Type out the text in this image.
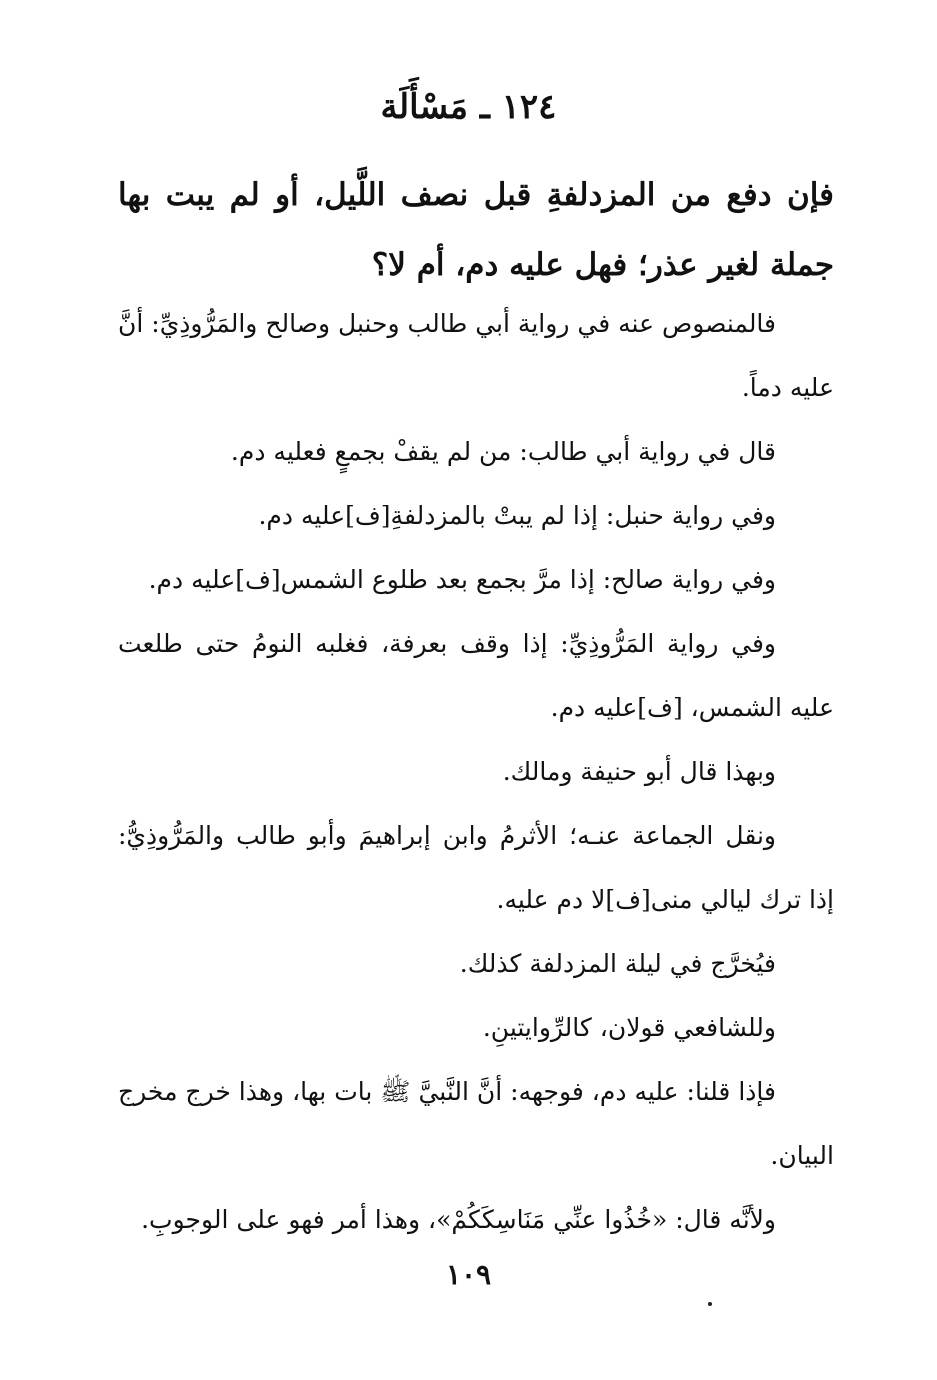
١٢٤ ـ مَسْأَلَة
فإن دفع من المزدلفةِ قبل نصف اللَّيل، أو لم يبت بها جملة لغير عذر؛ فهل عليه دم، أم لا؟

فالمنصوص عنه في رواية أبي طالب وحنبل وصالح والمَرُّوذِيِّ: أنَّ عليه دماً.

قال في رواية أبي طالب: من لم يقفْ بجمعٍ فعليه دم.

وفي رواية حنبل: إذا لم يبتْ بالمزدلفةِ[ف]عليه دم.

وفي رواية صالح: إذا مرَّ بجمع بعد طلوع الشمس[ف]عليه دم.

وفي رواية المَرُّوذِيِّ: إذا وقف بعرفة، فغلبه النومُ حتى طلعت عليه الشمس، [ف]عليه دم.

وبهذا قال أبو حنيفة ومالك.

ونقل الجماعة عنـه؛ الأثرمُ وابن إبراهيمَ وأبو طالب والمَرُّوذِيُّ: إذا ترك ليالي منى[ف]لا دم عليه.

فيُخرَّج في ليلة المزدلفة كذلك.

وللشافعي قولان، كالرِّوايتينِ.

فإذا قلنا: عليه دم، فوجهه: أنَّ النَّبيَّ ﷺ بات بها، وهذا خرج مخرج البيان.

ولأنَّه قال: «خُذُوا عنِّي مَنَاسِكَكُمْ»، وهذا أمر فهو على الوجوبِ.

١٠٩
